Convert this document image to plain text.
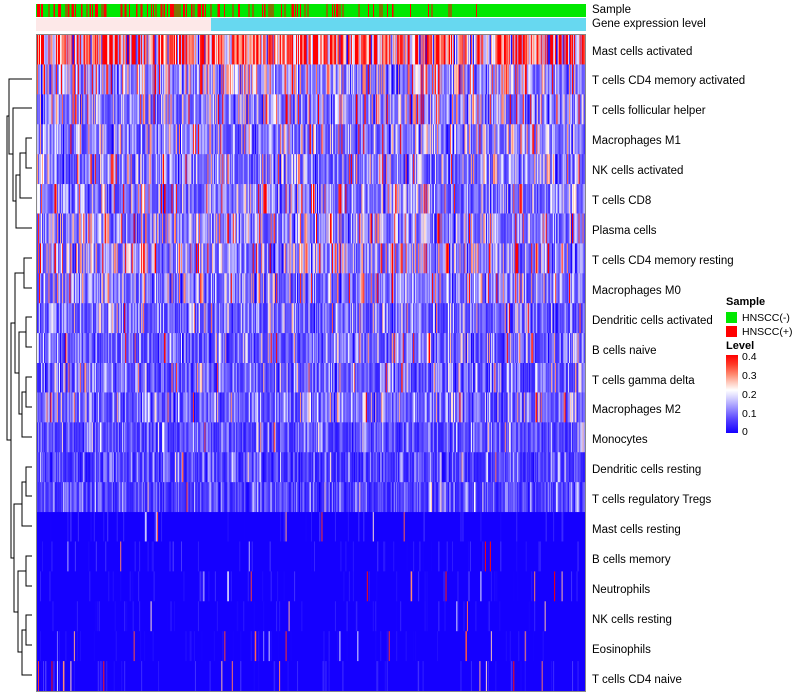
Sample
Gene expression level
Mast cells activated
T cells CD4 memory activated
T cells follicular helper
Macrophages M1
NK cells activated
T cells CD8
Plasma cells
T cells CD4 memory resting
Macrophages M0
Dendritic cells activated
B cells naive
T cells gamma delta
Macrophages M2
Monocytes
Dendritic cells resting
T cells regulatory Tregs
Mast cells resting
B cells memory
Neutrophils
NK cells resting
Eosinophils
T cells CD4 naive
Sample
HNSCC(-)
HNSCC(+)
Level
0.4
0.3
0.2
0.1
0
